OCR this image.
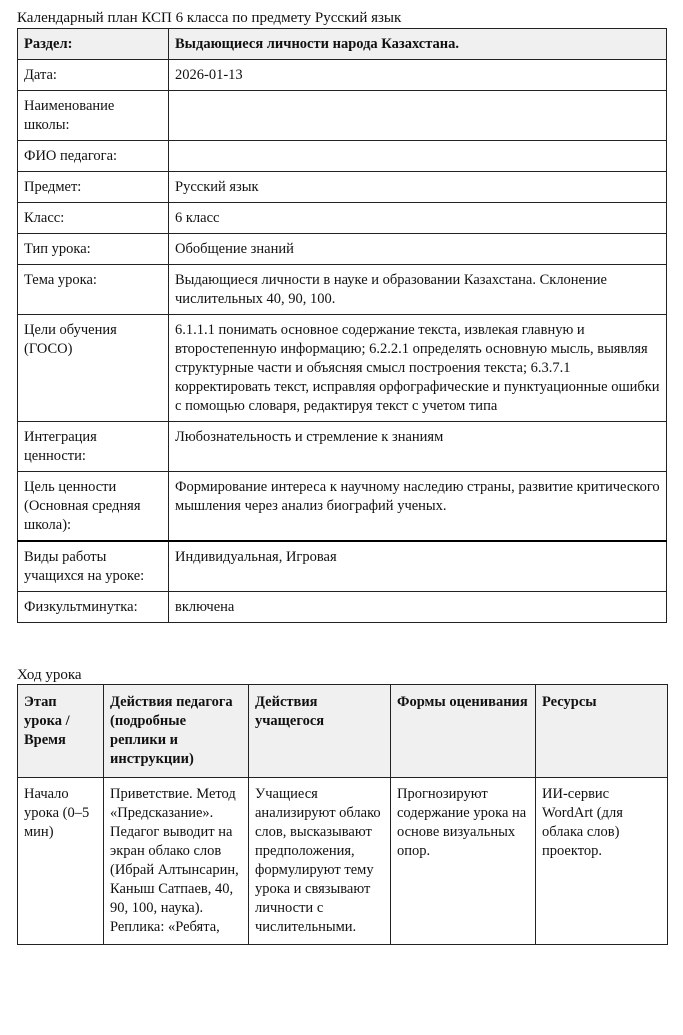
Календарный план КСП 6 класса по предмету Русский язык
Раздел:	Выдающиеся личности народа Казахстана.
Дата:	2026-01-13
Наименование школы:	
ФИО педагога:	
Предмет:	Русский язык
Класс:	6 класс
Тип урока:	Обобщение знаний
Тема урока:	Выдающиеся личности в науке и образовании Казахстана. Склонение числительных 40, 90, 100.
Цели обучения (ГОСО)	6.1.1.1 понимать основное содержание текста, извлекая главную и второстепенную информацию; 6.2.2.1 определять основную мысль, выявляя структурные части и объясняя смысл построения текста; 6.3.7.1 корректировать текст, исправляя орфографические и пунктуационные ошибки с помощью словаря, редактируя текст с учетом типа
Интеграция ценности:	Любознательность и стремление к знаниям
Цель ценности (Основная средняя школа):	Формирование интереса к научному наследию страны, развитие критического мышления через анализ биографий ученых.
Виды работы учащихся на уроке:	Индивидуальная, Игровая
Физкультминутка:	включена
Ход урока
Этап урока / Время	Действия педагога (подробные реплики и инструкции)	Действия учащегося	Формы оценивания	Ресурсы
Начало урока (0–5 мин)	Приветствие. Метод «Предсказание». Педагог выводит на экран облако слов (Ибрай Алтынсарин, Каныш Сатпаев, 40, 90, 100, наука). Реплика: «Ребята,	Учащиеся анализируют облако слов, высказывают предположения, формулируют тему урока и связывают личности с числительными.	Прогнозируют содержание урока на основе визуальных опор.	ИИ-сервис WordArt (для облака слов) проектор.
